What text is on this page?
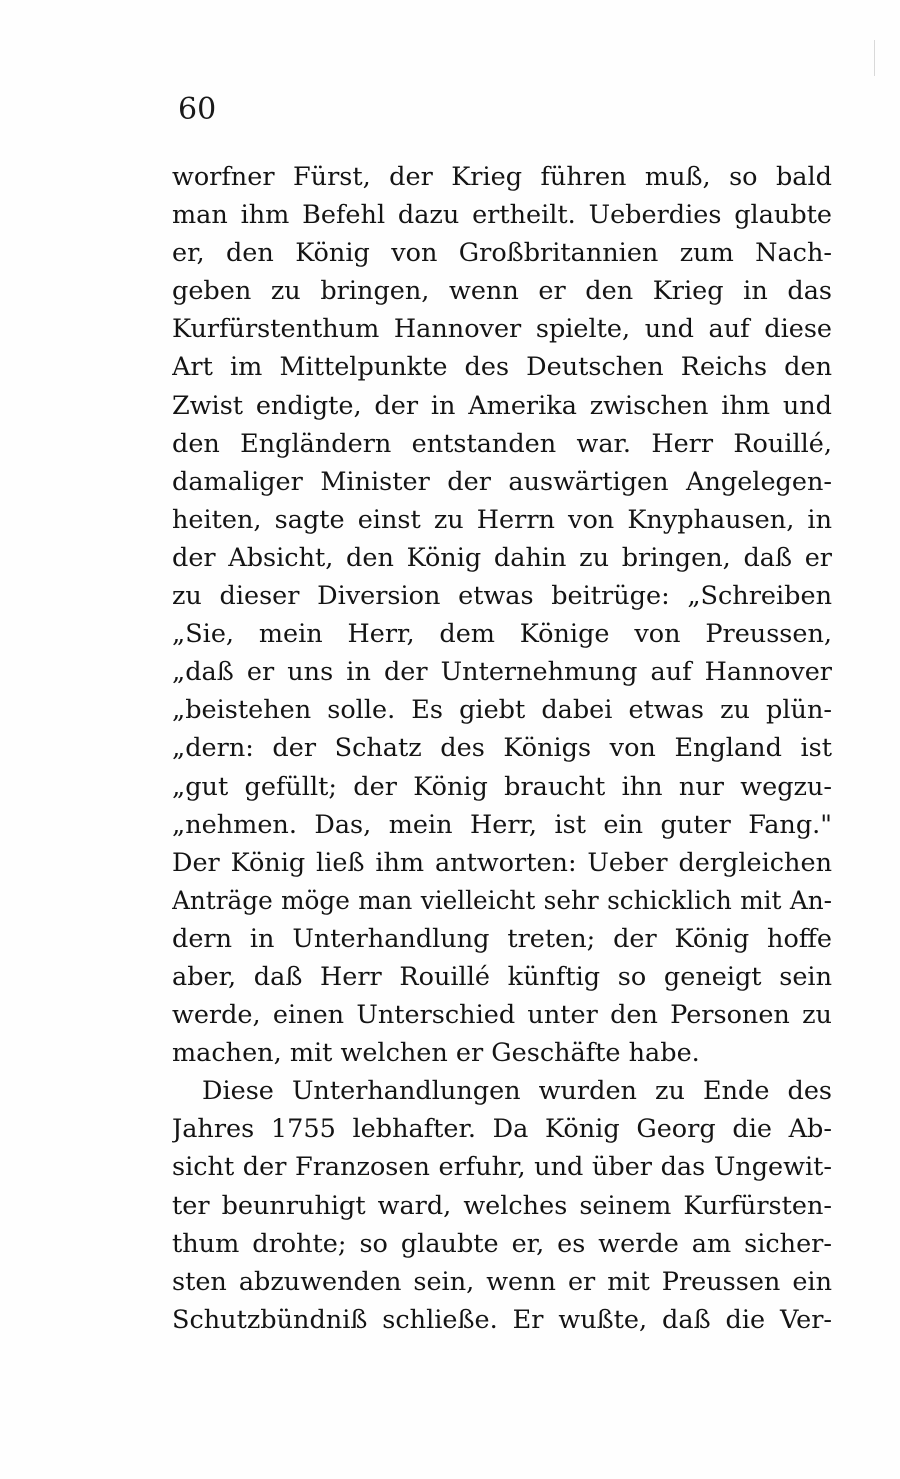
60
worfner Fürst, der Krieg führen muß, so bald
man ihm Befehl dazu ertheilt. Ueberdies glaubte
er, den König von Großbritannien zum Nach-
geben zu bringen, wenn er den Krieg in das
Kurfürstenthum Hannover spielte, und auf diese
Art im Mittelpunkte des Deutschen Reichs den
Zwist endigte, der in Amerika zwischen ihm und
den Engländern entstanden war. Herr Rouillé,
damaliger Minister der auswärtigen Angelegen-
heiten, sagte einst zu Herrn von Knyphausen, in
der Absicht, den König dahin zu bringen, daß er
zu dieser Diversion etwas beitrüge: „Schreiben
„Sie, mein Herr, dem Könige von Preussen,
„daß er uns in der Unternehmung auf Hannover
„beistehen solle. Es giebt dabei etwas zu plün-
„dern: der Schatz des Königs von England ist
„gut gefüllt; der König braucht ihn nur wegzu-
„nehmen. Das, mein Herr, ist ein guter Fang."
Der König ließ ihm antworten: Ueber dergleichen
Anträge möge man vielleicht sehr schicklich mit An-
dern in Unterhandlung treten; der König hoffe
aber, daß Herr Rouillé künftig so geneigt sein
werde, einen Unterschied unter den Personen zu
machen, mit welchen er Geschäfte habe.
Diese Unterhandlungen wurden zu Ende des
Jahres 1755 lebhafter. Da König Georg die Ab-
sicht der Franzosen erfuhr, und über das Ungewit-
ter beunruhigt ward, welches seinem Kurfürsten-
thum drohte; so glaubte er, es werde am sicher-
sten abzuwenden sein, wenn er mit Preussen ein
Schutzbündniß schließe. Er wußte, daß die Ver-
